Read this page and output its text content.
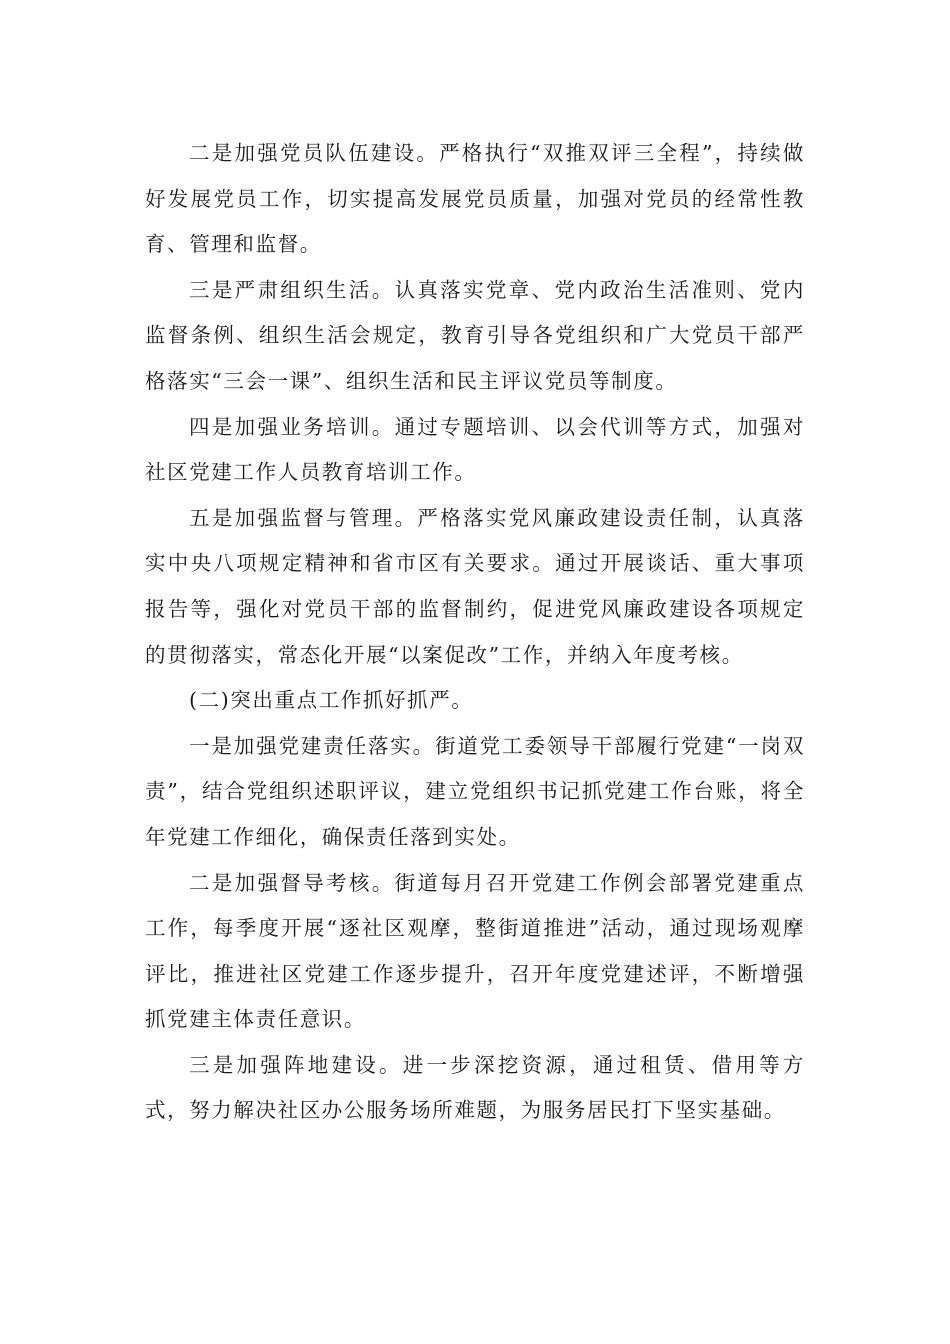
二是加强党员队伍建设。严格执行“双推双评三全程”，持续做好发展党员工作，切实提高发展党员质量，加强对党员的经常性教育、管理和监督。

三是严肃组织生活。认真落实党章、党内政治生活准则、党内监督条例、组织生活会规定，教育引导各党组织和广大党员干部严格落实“三会一课”、组织生活和民主评议党员等制度。

四是加强业务培训。通过专题培训、以会代训等方式，加强对社区党建工作人员教育培训工作。

五是加强监督与管理。严格落实党风廉政建设责任制，认真落实中央八项规定精神和省市区有关要求。通过开展谈话、重大事项报告等，强化对党员干部的监督制约，促进党风廉政建设各项规定的贯彻落实，常态化开展“以案促改”工作，并纳入年度考核。

(二)突出重点工作抓好抓严。

一是加强党建责任落实。街道党工委领导干部履行党建“一岗双责”，结合党组织述职评议，建立党组织书记抓党建工作台账，将全年党建工作细化，确保责任落到实处。

二是加强督导考核。街道每月召开党建工作例会部署党建重点工作，每季度开展“逐社区观摩，整街道推进”活动，通过现场观摩评比，推进社区党建工作逐步提升，召开年度党建述评，不断增强抓党建主体责任意识。

三是加强阵地建设。进一步深挖资源，通过租赁、借用等方式，努力解决社区办公服务场所难题，为服务居民打下坚实基础。
